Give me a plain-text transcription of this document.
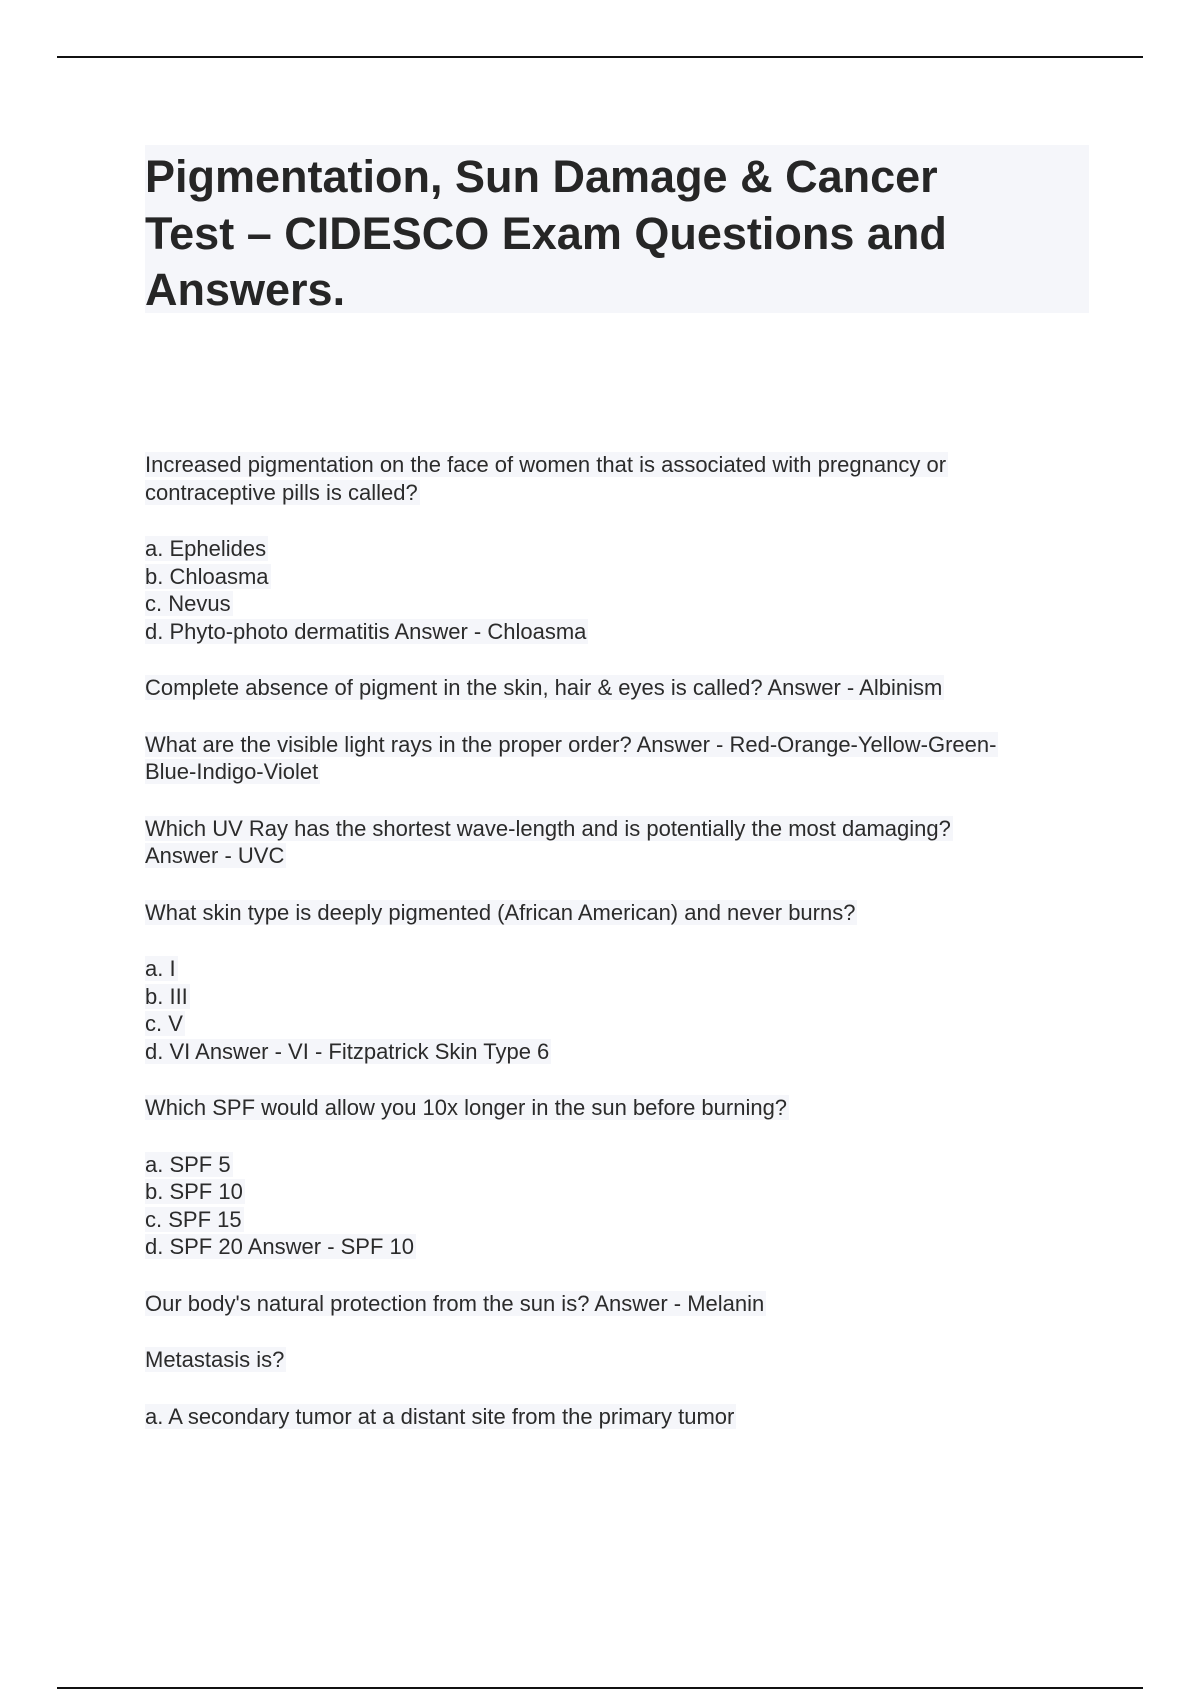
Pigmentation, Sun Damage & Cancer
Test – CIDESCO Exam Questions and
Answers.
Increased pigmentation on the face of women that is associated with pregnancy or
contraceptive pills is called?
a. Ephelides
b. Chloasma
c. Nevus
d. Phyto-photo dermatitis Answer - Chloasma
Complete absence of pigment in the skin, hair & eyes is called? Answer - Albinism
What are the visible light rays in the proper order? Answer - Red-Orange-Yellow-Green-
Blue-Indigo-Violet
Which UV Ray has the shortest wave-length and is potentially the most damaging?
Answer - UVC
What skin type is deeply pigmented (African American) and never burns?
a. I
b. III
c. V
d. VI Answer - VI - Fitzpatrick Skin Type 6
Which SPF would allow you 10x longer in the sun before burning?
a. SPF 5
b. SPF 10
c. SPF 15
d. SPF 20 Answer - SPF 10
Our body's natural protection from the sun is? Answer - Melanin
Metastasis is?
a. A secondary tumor at a distant site from the primary tumor
